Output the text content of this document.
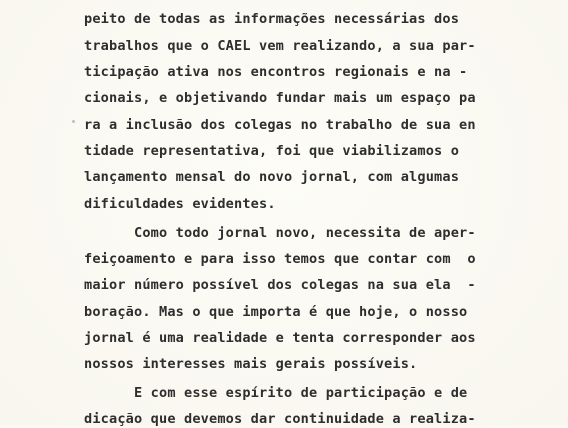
peito de todas as informações necessárias dos
trabalhos que o CAEL vem realizando, a sua par-
ticipação ativa nos encontros regionais e na -
cionais, e objetivando fundar mais um espaço pa
ra a inclusão dos colegas no trabalho de sua en
tidade representativa, foi que viabilizamos o
lançamento mensal do novo jornal, com algumas
dificuldades evidentes.
Como todo jornal novo, necessita de aper-
feiçoamento e para isso temos que contar com  o
maior número possível dos colegas na sua ela  -
boração. Mas o que importa é que hoje, o nosso
jornal é uma realidade e tenta corresponder aos
nossos interesses mais gerais possíveis.
E com esse espírito de participação e de
dicação que devemos dar continuidade a realiza-
